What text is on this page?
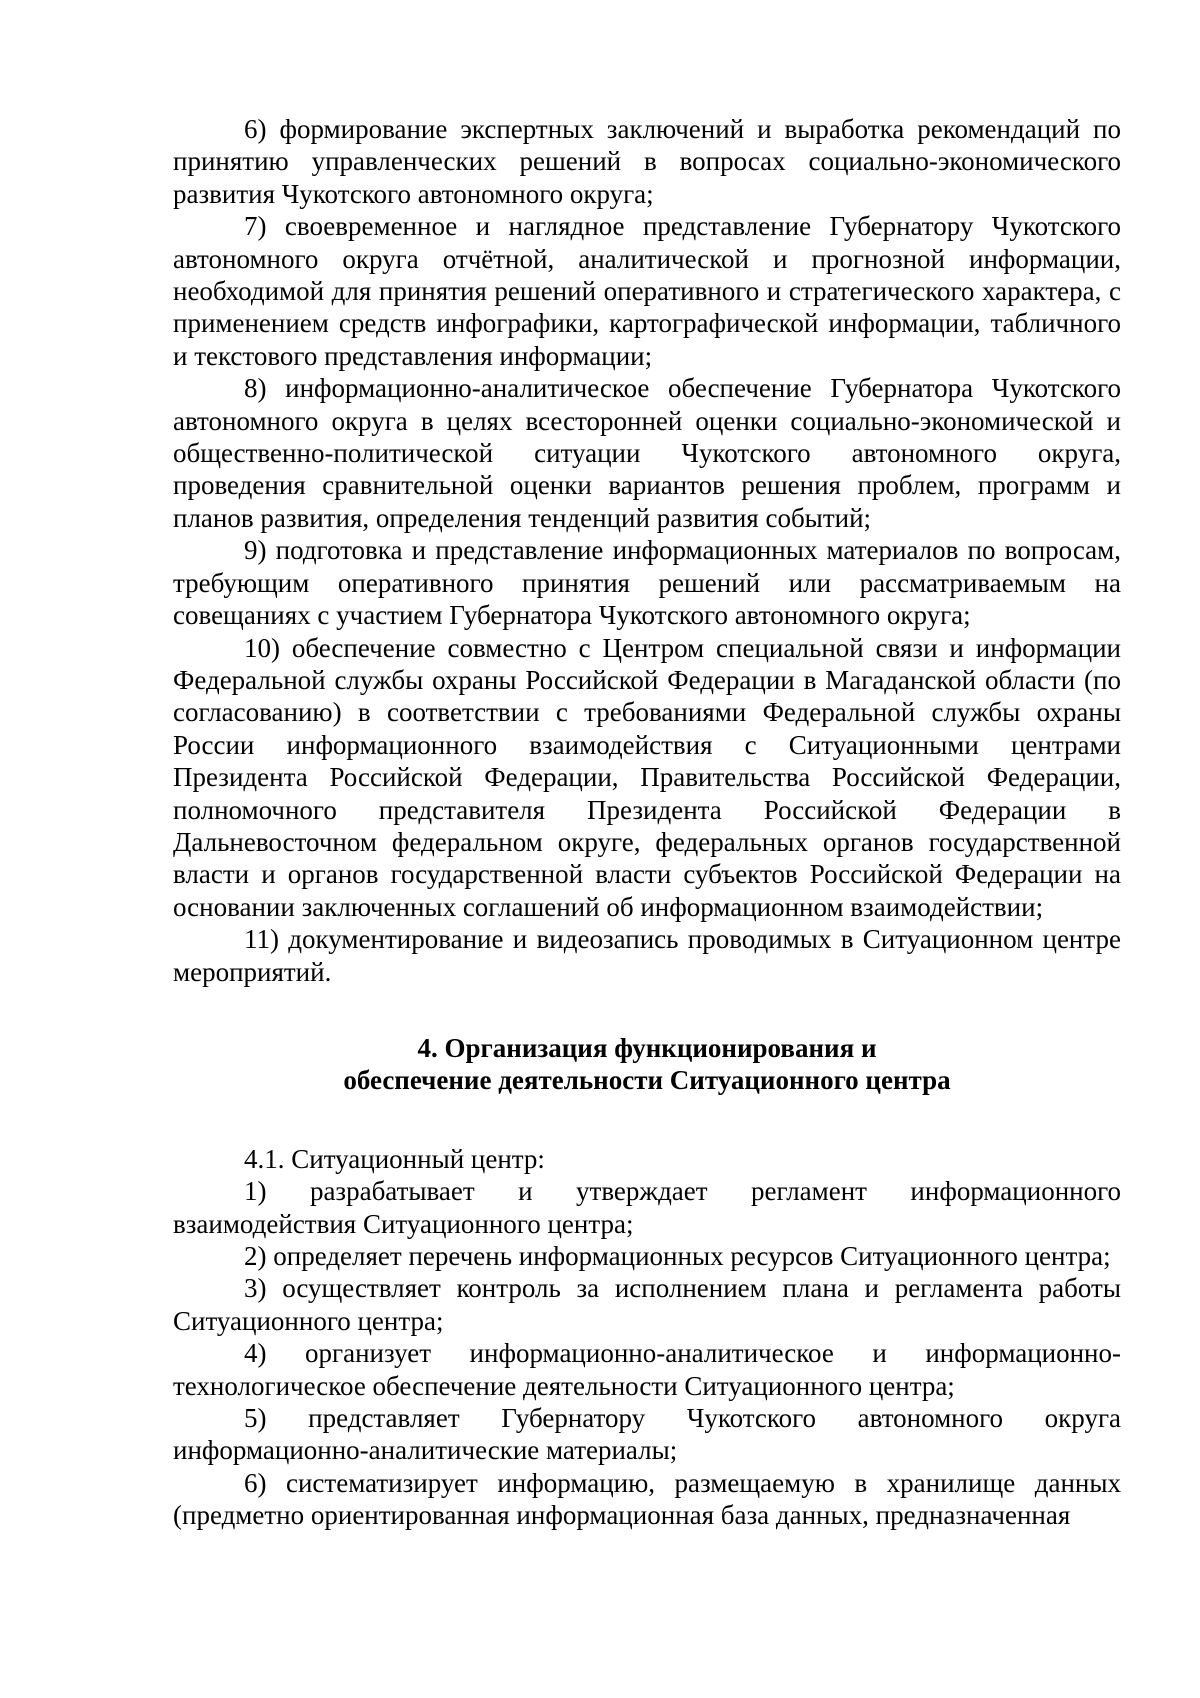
6) формирование экспертных заключений и выработка рекомендаций по принятию управленческих решений в вопросах социально-экономического развития Чукотского автономного округа;

7) своевременное и наглядное представление Губернатору Чукотского автономного округа отчётной, аналитической и прогнозной информации, необходимой для принятия решений оперативного и стратегического характера, с применением средств инфографики, картографической информации, табличного и текстового представления информации;

8) информационно-аналитическое обеспечение Губернатора Чукотского автономного округа в целях всесторонней оценки социально-экономической и общественно-политической ситуации Чукотского автономного округа, проведения сравнительной оценки вариантов решения проблем, программ и планов развития, определения тенденций развития событий;

9) подготовка и представление информационных материалов по вопросам, требующим оперативного принятия решений или рассматриваемым на совещаниях с участием Губернатора Чукотского автономного округа;

10) обеспечение совместно с Центром специальной связи и информации Федеральной службы охраны Российской Федерации в Магаданской области (по согласованию) в соответствии с требованиями Федеральной службы охраны России информационного взаимодействия с Ситуационными центрами Президента Российской Федерации, Правительства Российской Федерации, полномочного представителя Президента Российской Федерации в Дальневосточном федеральном округе, федеральных органов государственной власти и органов государственной власти субъектов Российской Федерации на основании заключенных соглашений об информационном взаимодействии;

11) документирование и видеозапись проводимых в Ситуационном центре мероприятий.

4. Организация функционирования и
обеспечение деятельности Ситуационного центра

4.1. Ситуационный центр:

1) разрабатывает и утверждает регламент информационного взаимодействия Ситуационного центра;

2) определяет перечень информационных ресурсов Ситуационного центра;

3) осуществляет контроль за исполнением плана и регламента работы Ситуационного центра;

4) организует информационно-аналитическое и информационно-технологическое обеспечение деятельности Ситуационного центра;

5) представляет Губернатору Чукотского автономного округа информационно-аналитические материалы;

6) систематизирует информацию, размещаемую в хранилище данных (предметно ориентированная информационная база данных, предназначенная
